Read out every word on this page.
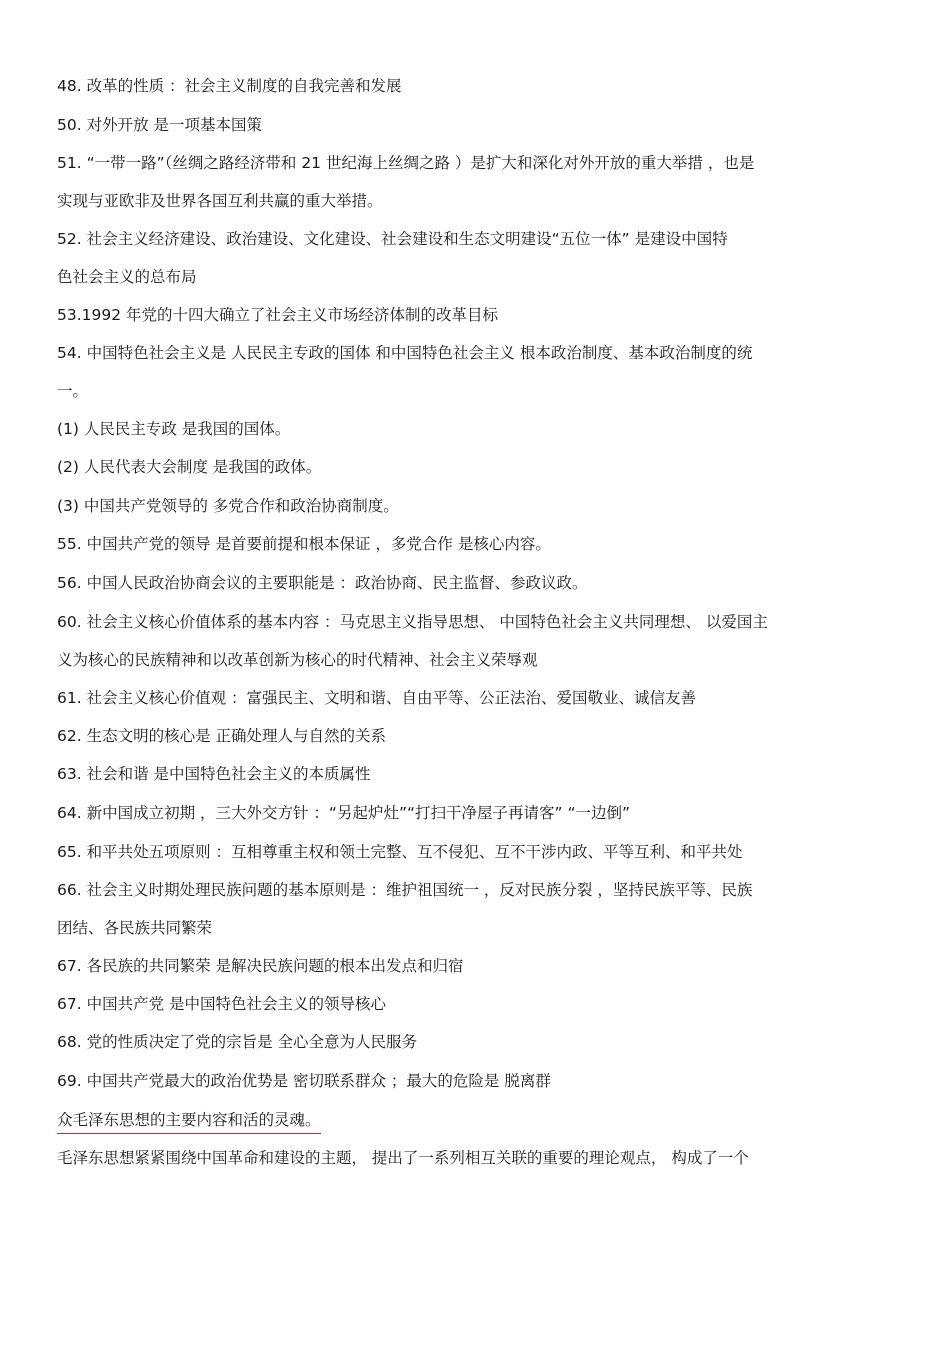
48. 改革的性质 ：社会主义制度的自我完善和发展
50. 对外开放 是一项基本国策
51. “一带一路”（丝绸之路经济带和 21 世纪海上丝绸之路 ）是扩大和深化对外开放的重大举措 ，也是
实现与亚欧非及世界各国互利共赢的重大举措。
52. 社会主义经济建设、政治建设、文化建设、社会建设和生态文明建设“五位一体” 是建设中国特
色社会主义的总布局
53.1992 年党的十四大确立了社会主义市场经济体制的改革目标
54. 中国特色社会主义是 人民民主专政的国体 和中国特色社会主义 根本政治制度、基本政治制度的统
一。
(1) 人民民主专政 是我国的国体。
(2) 人民代表大会制度 是我国的政体。
(3) 中国共产党领导的 多党合作和政治协商制度。
55. 中国共产党的领导 是首要前提和根本保证 ，多党合作 是核心内容。
56. 中国人民政治协商会议的主要职能是 ：政治协商、民主监督、参政议政。
60. 社会主义核心价值体系的基本内容 ：马克思主义指导思想、 中国特色社会主义共同理想、 以爱国主
义为核心的民族精神和以改革创新为核心的时代精神、社会主义荣辱观
61. 社会主义核心价值观 ：富强民主、文明和谐、自由平等、公正法治、爱国敬业、诚信友善
62. 生态文明的核心是 正确处理人与自然的关系
63. 社会和谐 是中国特色社会主义的本质属性
64. 新中国成立初期 ，三大外交方针 ：“另起炉灶”“打扫干净屋子再请客” “一边倒”
65. 和平共处五项原则 ：互相尊重主权和领土完整、互不侵犯、互不干涉内政、平等互利、和平共处
66. 社会主义时期处理民族问题的基本原则是 ：维护祖国统一 ，反对民族分裂 ，坚持民族平等、民族
团结、各民族共同繁荣
67. 各民族的共同繁荣 是解决民族问题的根本出发点和归宿
67. 中国共产党 是中国特色社会主义的领导核心
68. 党的性质决定了党的宗旨是 全心全意为人民服务
69. 中国共产党最大的政治优势是 密切联系群众 ；最大的危险是 脱离群
众毛泽东思想的主要内容和活的灵魂。
毛泽东思想紧紧围绕中国革命和建设的主题， 提出了一系列相互关联的重要的理论观点， 构成了一个
